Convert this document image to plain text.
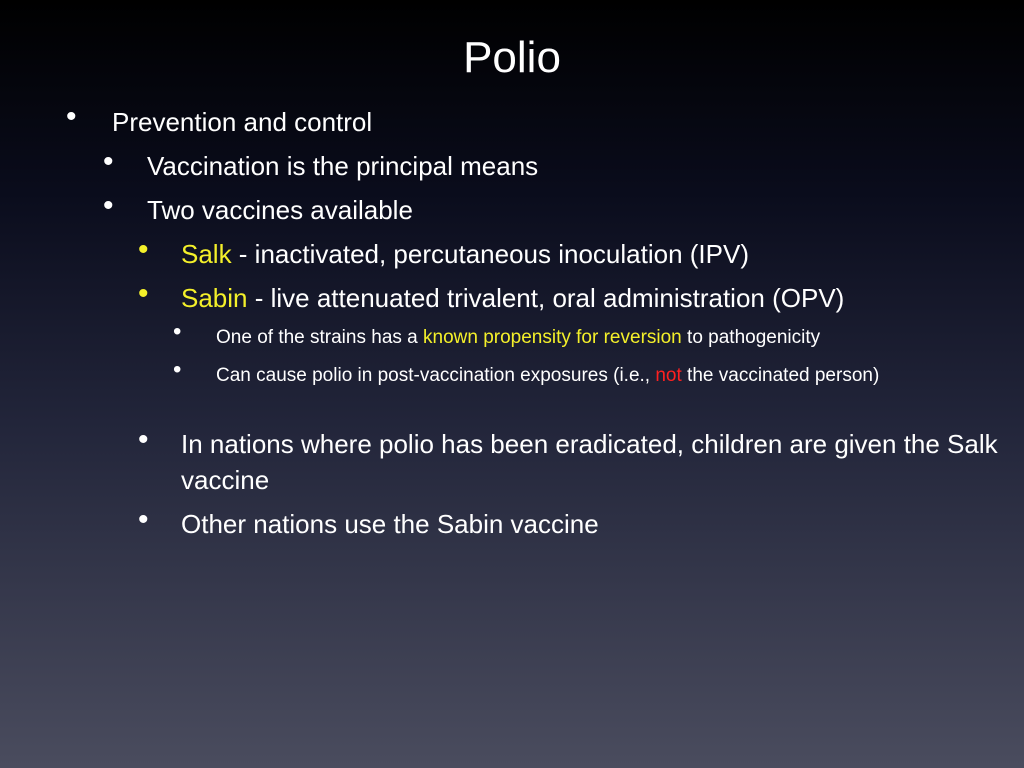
Polio
• Prevention and control
• Vaccination is the principal means
• Two vaccines available
• Salk - inactivated, percutaneous inoculation (IPV)
• Sabin - live attenuated trivalent, oral administration (OPV)
• One of the strains has a known propensity for reversion to pathogenicity
• Can cause polio in post-vaccination exposures (i.e., not the vaccinated person)
• In nations where polio has been eradicated, children are given the Salk vaccine
• Other nations use the Sabin vaccine
